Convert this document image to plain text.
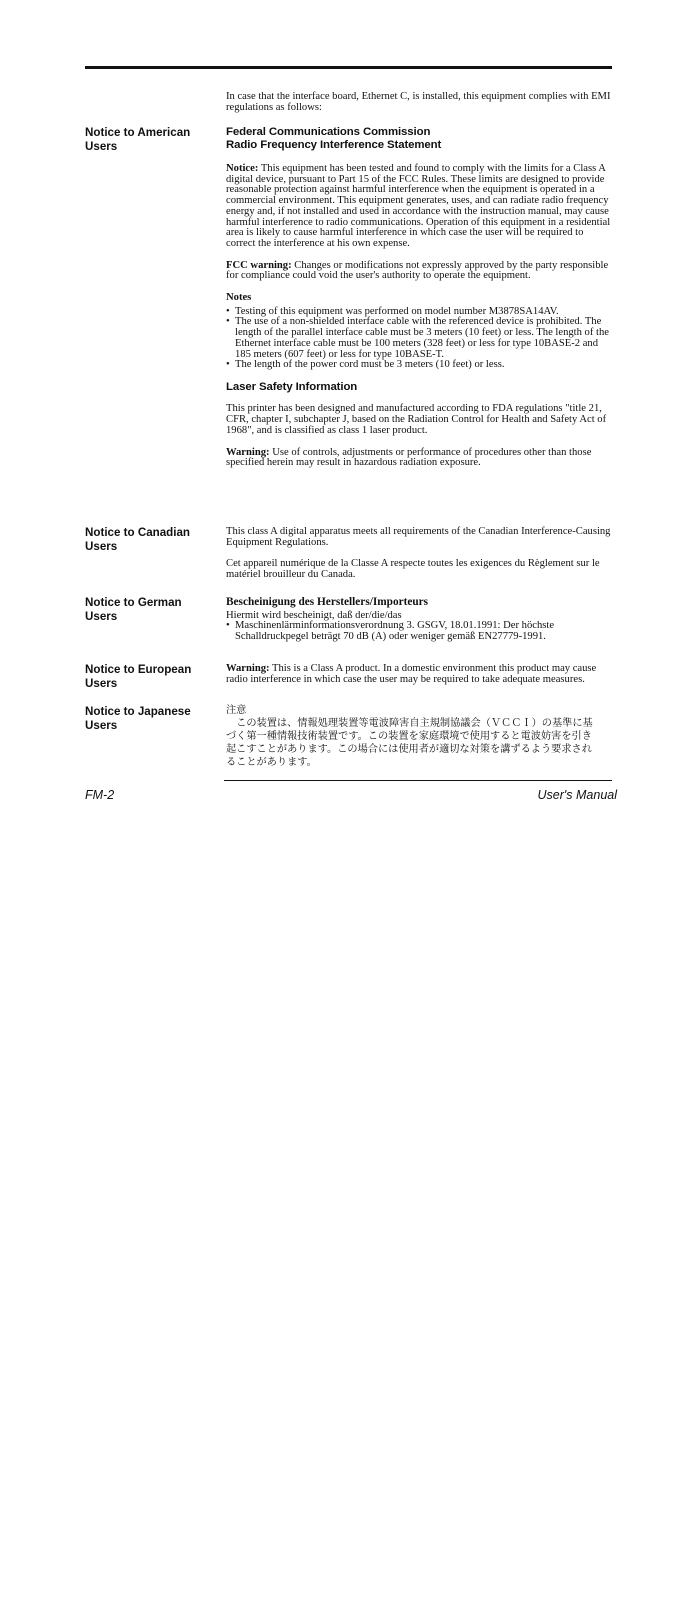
In case that the interface board, Ethernet C, is installed, this equipment complies with EMI regulations as follows:
Notice to American Users
Federal Communications Commission
Radio Frequency Interference Statement
Notice: This equipment has been tested and found to comply with the limits for a Class A digital device, pursuant to Part 15 of the FCC Rules. These limits are designed to provide reasonable protection against harmful interference when the equipment is operated in a commercial environment. This equipment generates, uses, and can radiate radio frequency energy and, if not installed and used in accordance with the instruction manual, may cause harmful interference to radio communications. Operation of this equipment in a residential area is likely to cause harmful interference in which case the user will be required to correct the interference at his own expense.
FCC warning: Changes or modifications not expressly approved by the party responsible for compliance could void the user's authority to operate the equipment.
Notes
• Testing of this equipment was performed on model number M3878SA14AV.
• The use of a non-shielded interface cable with the referenced device is prohibited. The length of the parallel interface cable must be 3 meters (10 feet) or less. The length of the Ethernet interface cable must be 100 meters (328 feet) or less for type 10BASE-2 and 185 meters (607 feet) or less for type 10BASE-T.
• The length of the power cord must be 3 meters (10 feet) or less.
Laser Safety Information
This printer has been designed and manufactured according to FDA regulations "title 21, CFR, chapter I, subchapter J, based on the Radiation Control for Health and Safety Act of 1968", and is classified as class 1 laser product.
Warning: Use of controls, adjustments or performance of procedures other than those specified herein may result in hazardous radiation exposure.
Notice to Canadian Users
This class A digital apparatus meets all requirements of the Canadian Interference-Causing Equipment Regulations.
Cet appareil numérique de la Classe A respecte toutes les exigences du Règlement sur le matériel brouilleur du Canada.
Notice to German Users
Bescheinigung des Herstellers/Importeurs
Hiermit wird bescheinigt, daß der/die/das
• Maschinenlärminformationsverordnung 3. GSGV, 18.01.1991: Der höchste Schalldruckpegel beträgt 70 dB (A) oder weniger gemäß EN27779-1991.
Notice to European Users
Warning: This is a Class A product. In a domestic environment this product may cause radio interference in which case the user may be required to take adequate measures.
Notice to Japanese Users
注意
この装置は、情報処理装置等電波障害自主規制協議会（ＶＣＣＩ）の基準に基づく第一種情報技術装置です。この装置を家庭環境で使用すると電波妨害を引き起こすことがあります。この場合には使用者が適切な対策を講ずるよう要求されることがあります。
FM-2	User's Manual
